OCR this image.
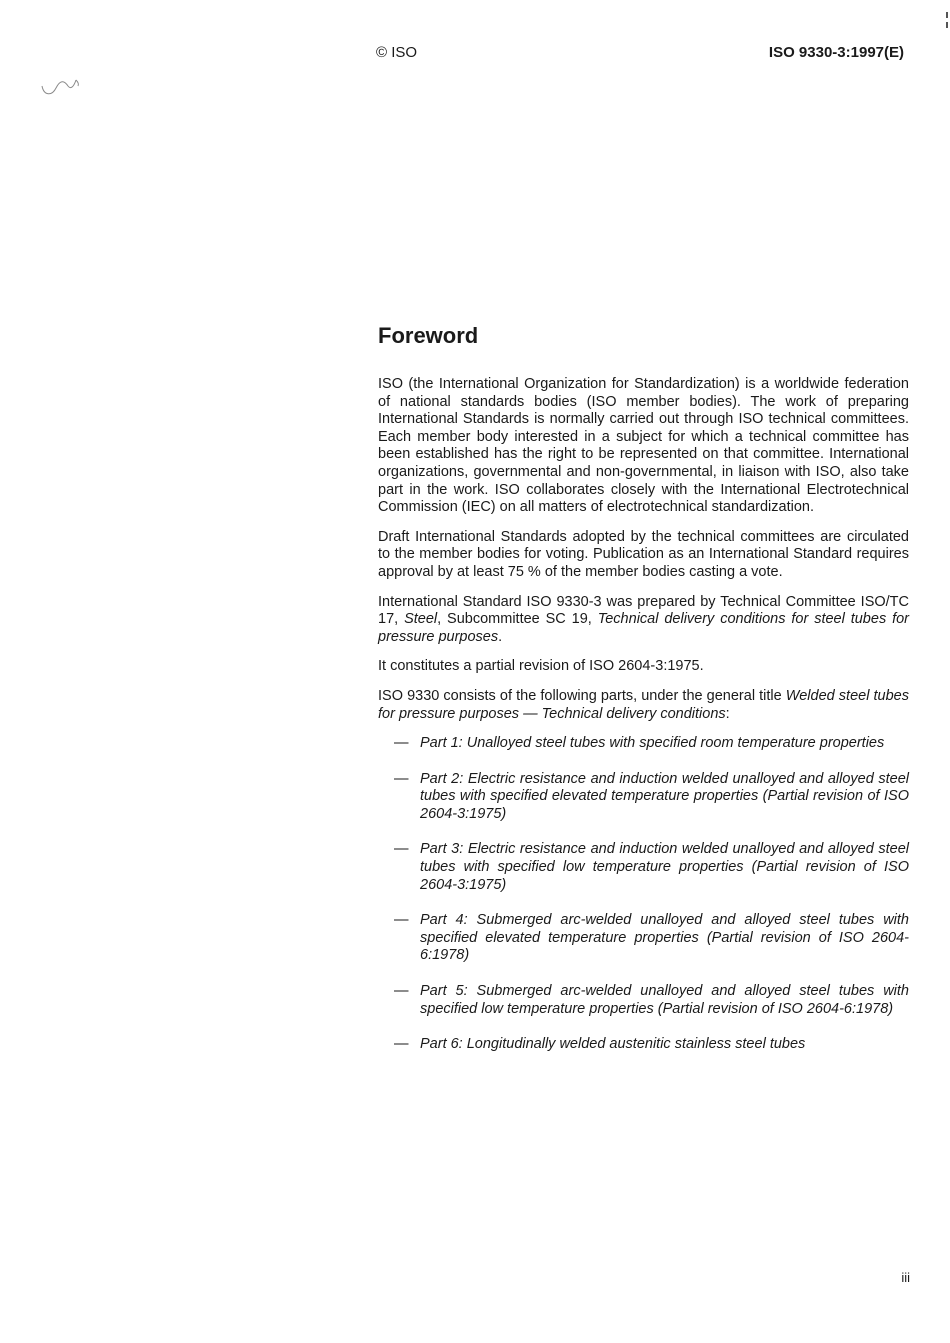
© ISO	ISO 9330-3:1997(E)
Foreword

ISO (the International Organization for Standardization) is a worldwide federation of national standards bodies (ISO member bodies). The work of preparing International Standards is normally carried out through ISO technical committees. Each member body interested in a subject for which a technical committee has been established has the right to be represented on that committee. International organizations, governmental and non-governmental, in liaison with ISO, also take part in the work. ISO collaborates closely with the International Electrotechnical Commission (IEC) on all matters of electrotechnical standardization.

Draft International Standards adopted by the technical committees are circulated to the member bodies for voting. Publication as an International Standard requires approval by at least 75 % of the member bodies casting a vote.

International Standard ISO 9330-3 was prepared by Technical Committee ISO/TC 17, Steel, Subcommittee SC 19, Technical delivery conditions for steel tubes for pressure purposes.

It constitutes a partial revision of ISO 2604-3:1975.

ISO 9330 consists of the following parts, under the general title Welded steel tubes for pressure purposes — Technical delivery conditions:

— Part 1: Unalloyed steel tubes with specified room temperature properties
— Part 2: Electric resistance and induction welded unalloyed and alloyed steel tubes with specified elevated temperature properties (Partial revision of ISO 2604-3:1975)
— Part 3: Electric resistance and induction welded unalloyed and alloyed steel tubes with specified low temperature properties (Partial revision of ISO 2604-3:1975)
— Part 4: Submerged arc-welded unalloyed and alloyed steel tubes with specified elevated temperature properties (Partial revision of ISO 2604-6:1978)
— Part 5: Submerged arc-welded unalloyed and alloyed steel tubes with specified low temperature properties (Partial revision of ISO 2604-6:1978)
— Part 6: Longitudinally welded austenitic stainless steel tubes
iii
